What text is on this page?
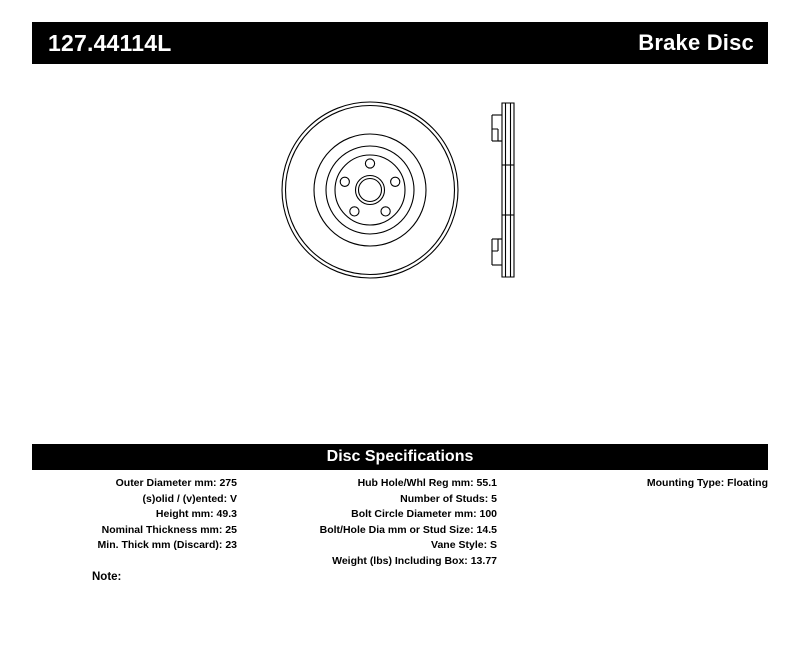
127.44114L	Brake Disc
Disc Specifications
Outer Diameter mm: 275
(s)olid / (v)ented: V
Height mm: 49.3
Nominal Thickness mm: 25
Min. Thick mm (Discard): 23
Hub Hole/Whl Reg mm: 55.1
Number of Studs: 5
Bolt Circle Diameter mm: 100
Bolt/Hole Dia mm or Stud Size: 14.5
Vane Style: S
Weight (lbs) Including Box: 13.77
Mounting Type: Floating
Note:
